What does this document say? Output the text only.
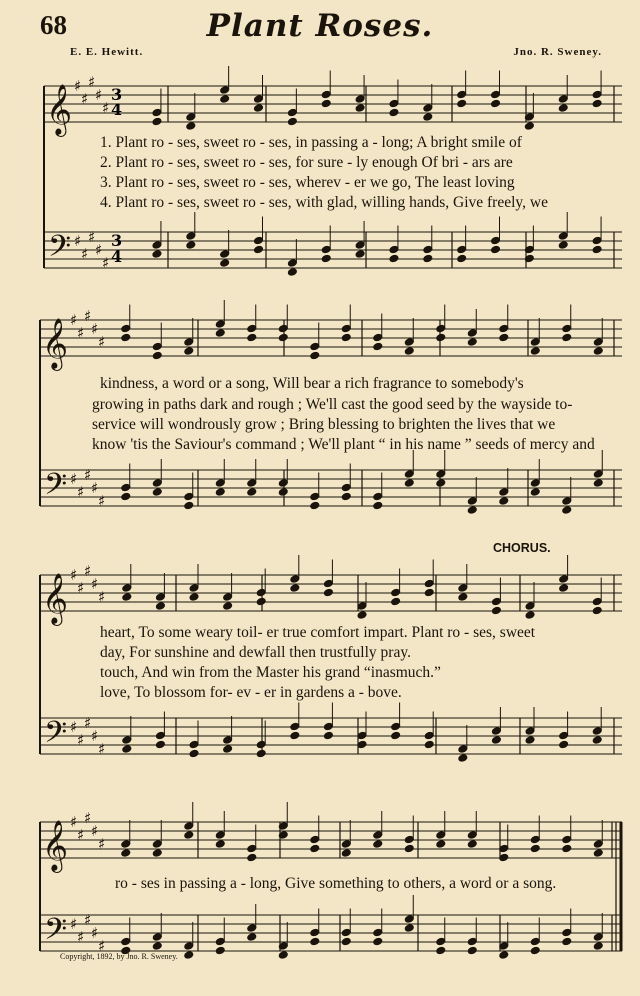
68	Plant Roses.
E. E. Hewitt.	Jno. R. Sweney.
𝄞
𝄢
♯
♯
♯
♯
♯
♯
♯
♯
♯
♯
𝄞
𝄢
♯
♯
♯
♯
♯
♯
♯
♯
♯
♯
𝄞
𝄢
♯
♯
♯
♯
♯
♯
♯
♯
♯
♯
𝄞
𝄢
♯
♯
♯
♯
♯
♯
♯
♯
♯
♯
3
4
3
4
1. Plant ro - ses, sweet ro - ses, in passing a - long; A bright smile of
2. Plant ro - ses, sweet ro - ses, for sure - ly enough Of bri - ars are
3. Plant ro - ses, sweet ro - ses, wherev - er we go, The least loving
4. Plant ro - ses, sweet ro - ses, with glad, willing hands, Give freely, we
kindness, a word or a song, Will bear a rich fragrance to somebody's
growing in paths dark and rough ; We'll cast the good seed by the wayside to-
service will wondrously grow ; Bring blessing to brighten the lives that we
know 'tis the Saviour's command ; We'll plant “ in his name ” seeds of mercy and
CHORUS.
heart, To some weary toil- er true comfort impart. Plant ro - ses, sweet
day, For sunshine and dewfall then trustfully pray.
touch, And win from the Master his grand “inasmuch.”
love, To blossom for- ev - er in gardens a - bove.
ro - ses in passing a - long, Give something to others, a word or a song.
Copyright, 1892, by Jno. R. Sweney.
